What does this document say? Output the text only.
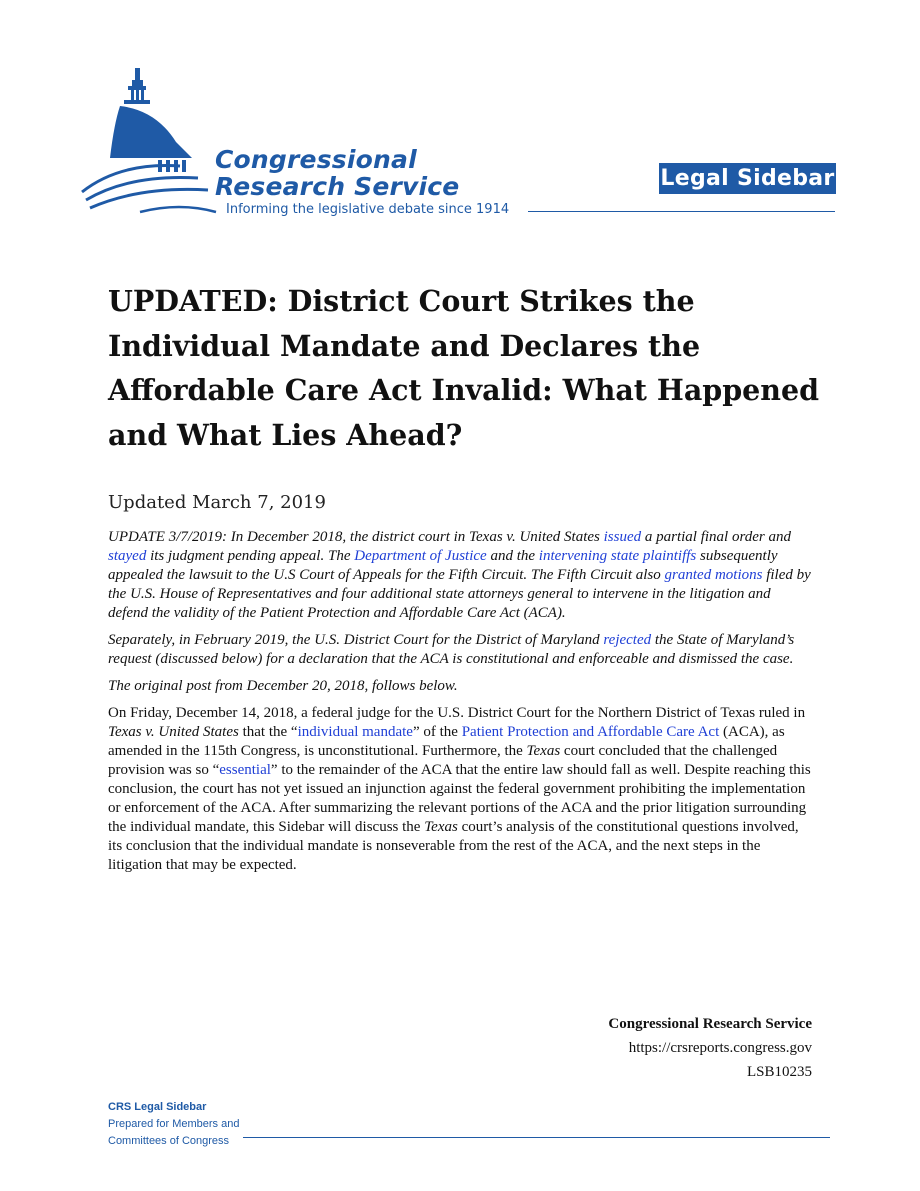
Congressional
Research Service
Informing the legislative debate since 1914
Legal Sidebar
UPDATED: District Court Strikes the Individual Mandate and Declares the Affordable Care Act Invalid: What Happened and What Lies Ahead?
Updated March 7, 2019

UPDATE 3/7/2019: In December 2018, the district court in Texas v. United States issued a partial final order and stayed its judgment pending appeal. The Department of Justice and the intervening state plaintiffs subsequently appealed the lawsuit to the U.S Court of Appeals for the Fifth Circuit. The Fifth Circuit also granted motions filed by the U.S. House of Representatives and four additional state attorneys general to intervene in the litigation and defend the validity of the Patient Protection and Affordable Care Act (ACA).

Separately, in February 2019, the U.S. District Court for the District of Maryland rejected the State of Maryland’s request (discussed below) for a declaration that the ACA is constitutional and enforceable and dismissed the case.

The original post from December 20, 2018, follows below.

On Friday, December 14, 2018, a federal judge for the U.S. District Court for the Northern District of Texas ruled in Texas v. United States that the “individual mandate” of the Patient Protection and Affordable Care Act (ACA), as amended in the 115th Congress, is unconstitutional. Furthermore, the Texas court concluded that the challenged provision was so “essential” to the remainder of the ACA that the entire law should fall as well. Despite reaching this conclusion, the court has not yet issued an injunction against the federal government prohibiting the implementation or enforcement of the ACA. After summarizing the relevant portions of the ACA and the prior litigation surrounding the individual mandate, this Sidebar will discuss the Texas court’s analysis of the constitutional questions involved, its conclusion that the individual mandate is nonseverable from the rest of the ACA, and the next steps in the litigation that may be expected.

Congressional Research Service
https://crsreports.congress.gov
LSB10235
CRS Legal Sidebar
Prepared for Members and
Committees of Congress
